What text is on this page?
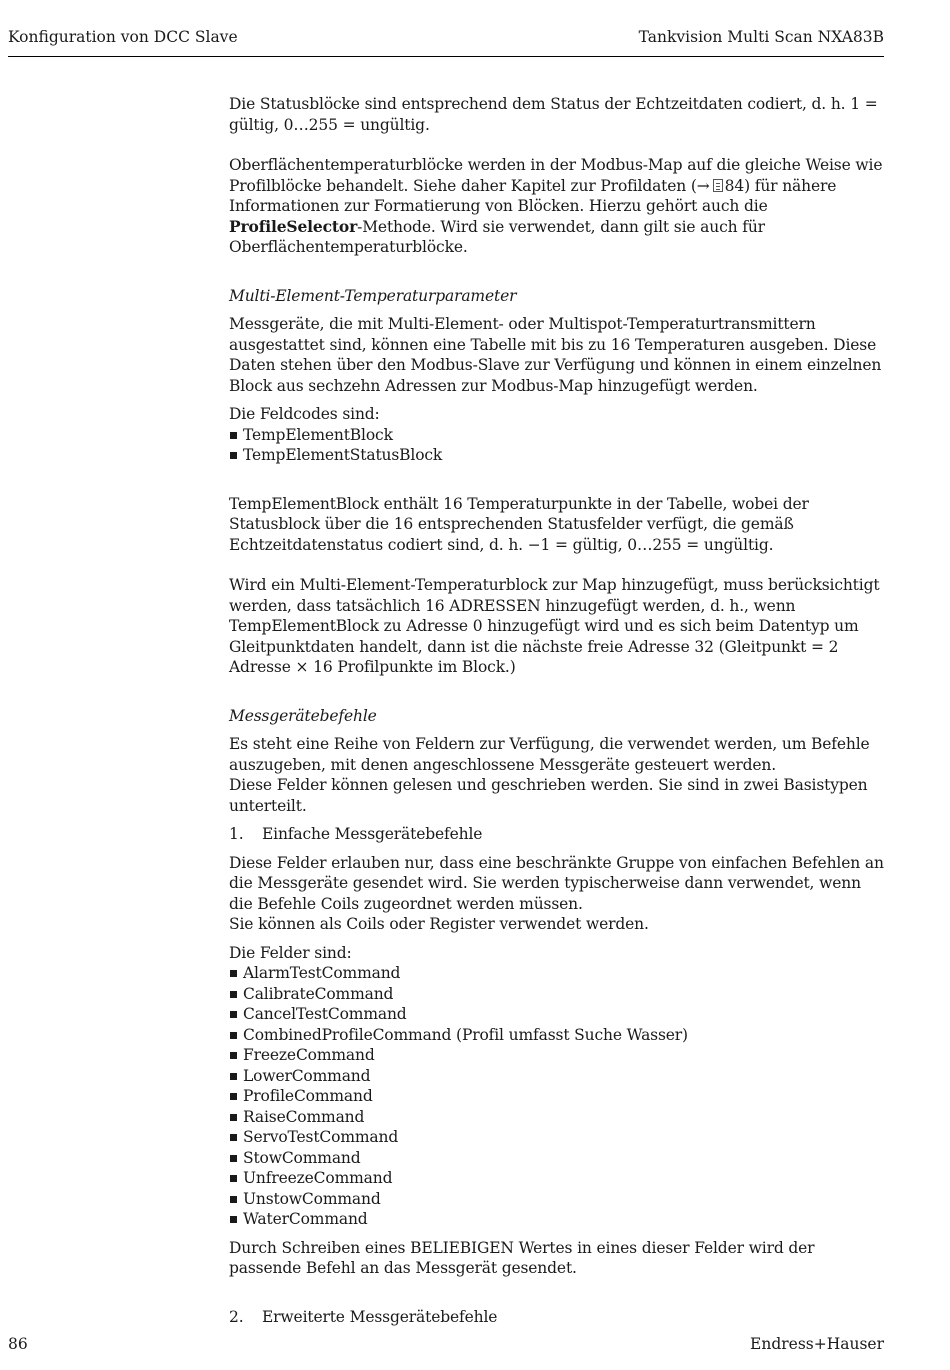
Konfiguration von DCC Slave	Tankvision Multi Scan NXA83B

Die Statusblöcke sind entsprechend dem Status der Echtzeitdaten codiert, d. h. 1 = gültig, 0…255 = ungültig.

Oberflächentemperaturblöcke werden in der Modbus-Map auf die gleiche Weise wie Profilblöcke behandelt. Siehe daher Kapitel zur Profildaten (→ 84) für nähere Informationen zur Formatierung von Blöcken. Hierzu gehört auch die ProfileSelector-Methode. Wird sie verwendet, dann gilt sie auch für Oberflächentemperaturblöcke.

Multi-Element-Temperaturparameter

Messgeräte, die mit Multi-Element- oder Multispot-Temperaturtransmittern ausgestattet sind, können eine Tabelle mit bis zu 16 Temperaturen ausgeben. Diese Daten stehen über den Modbus-Slave zur Verfügung und können in einem einzelnen Block aus sechzehn Adressen zur Modbus-Map hinzugefügt werden.

Die Feldcodes sind:

TempElementBlock
TempElementStatusBlock

TempElementBlock enthält 16 Temperaturpunkte in der Tabelle, wobei der Statusblock über die 16 entsprechenden Statusfelder verfügt, die gemäß Echtzeitdatenstatus codiert sind, d. h. −1 = gültig, 0…255 = ungültig.

Wird ein Multi-Element-Temperaturblock zur Map hinzugefügt, muss berücksichtigt werden, dass tatsächlich 16 ADRESSEN hinzugefügt werden, d. h., wenn TempElementBlock zu Adresse 0 hinzugefügt wird und es sich beim Datentyp um Gleitpunktdaten handelt, dann ist die nächste freie Adresse 32 (Gleitpunkt = 2 Adresse × 16 Profilpunkte im Block.)

Messgerätebefehle

Es steht eine Reihe von Feldern zur Verfügung, die verwendet werden, um Befehle auszugeben, mit denen angeschlossene Messgeräte gesteuert werden.

Diese Felder können gelesen und geschrieben werden. Sie sind in zwei Basistypen unterteilt.

1. Einfache Messgerätebefehle

Diese Felder erlauben nur, dass eine beschränkte Gruppe von einfachen Befehlen an die Messgeräte gesendet wird. Sie werden typischerweise dann verwendet, wenn die Befehle Coils zugeordnet werden müssen.

Sie können als Coils oder Register verwendet werden.

Die Felder sind:

AlarmTestCommand
CalibrateCommand
CancelTestCommand
CombinedProfileCommand (Profil umfasst Suche Wasser)
FreezeCommand
LowerCommand
ProfileCommand
RaiseCommand
ServoTestCommand
StowCommand
UnfreezeCommand
UnstowCommand
WaterCommand

Durch Schreiben eines BELIEBIGEN Wertes in eines dieser Felder wird der passende Befehl an das Messgerät gesendet.

2. Erweiterte Messgerätebefehle

86	Endress+Hauser
